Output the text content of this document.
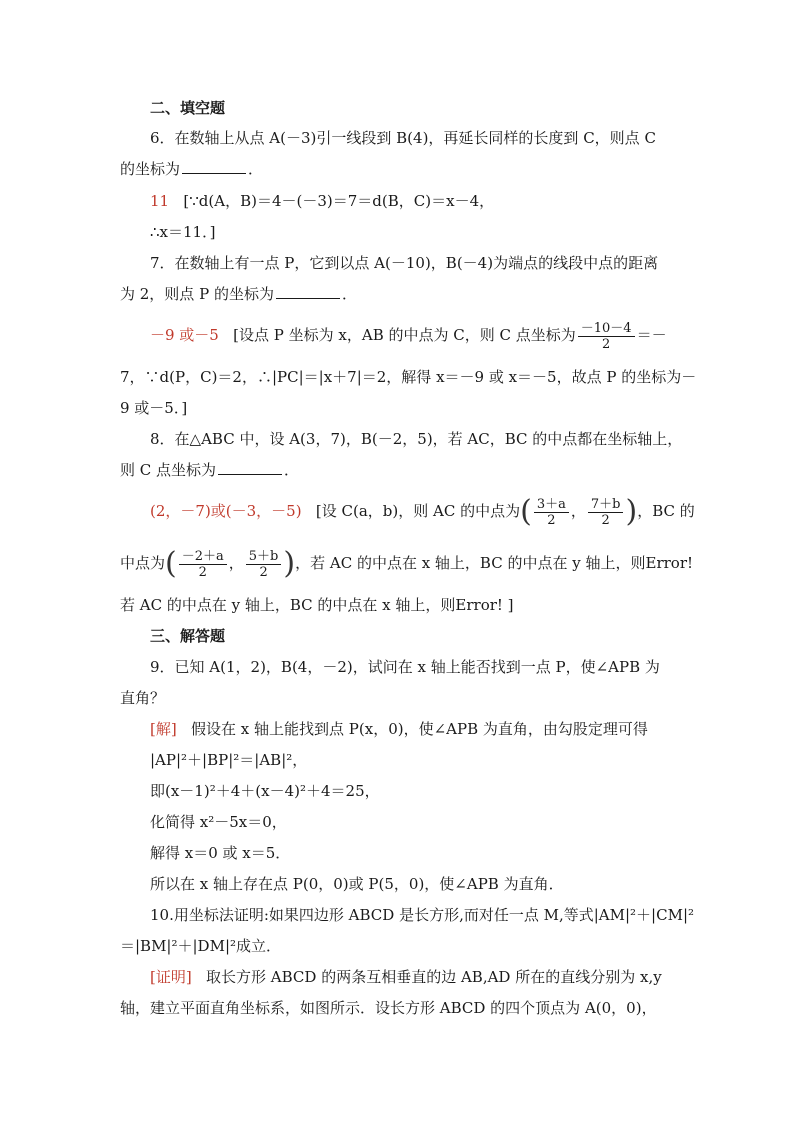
二、填空题
6．在数轴上从点 A(－3)引一线段到 B(4)，再延长同样的长度到 C，则点 C
的坐标为	．
11 [∵d(A，B)＝4－(－3)＝7＝d(B，C)＝x－4，
∴x＝11．]
7．在数轴上有一点 P，它到以点 A(－10)，B(－4)为端点的线段中点的距离
为 2，则点 P 的坐标为	．
－9 或－5 [设点 P 坐标为 x，AB 的中点为 C，则 C 点坐标为 $\frac{-10-4}{2}$ ＝－
7，∵d(P，C)＝2，∴|PC|＝|x＋7|＝2，解得 x＝－9 或 x＝－5，故点 P 的坐标为－
9 或－5．]
8．在△ABC 中，设 A(3，7)，B(－2，5)，若 AC，BC 的中点都在坐标轴上，
则 C 点坐标为	．
(2，－7)或(－3，－5) [设 C(a，b)，则 AC 的中点为( $\frac{3+a}{2}$ ， $\frac{7+b}{2}$ )，BC 的
中点为( $\frac{-2+a}{2}$ ， $\frac{5+b}{2}$ )，若 AC 的中点在 x 轴上，BC 的中点在 y 轴上，则Error!
若 AC 的中点在 y 轴上，BC 的中点在 x 轴上，则Error! ]
三、解答题
9．已知 A(1，2)，B(4，－2)，试问在 x 轴上能否找到一点 P，使∠APB 为
直角？
[解] 假设在 x 轴上能找到点 P(x，0)，使∠APB 为直角，由勾股定理可得
|AP|²＋|BP|²＝|AB|²，
即(x－1)²＋4＋(x－4)²＋4＝25，
化简得 x²－5x＝0，
解得 x＝0 或 x＝5．
所以在 x 轴上存在点 P(0，0)或 P(5，0)，使∠APB 为直角．
10.用坐标法证明:如果四边形 ABCD 是长方形,而对任一点 M,等式|AM|²＋|CM|²
＝|BM|²＋|DM|²成立．
[证明] 取长方形 ABCD 的两条互相垂直的边 AB,AD 所在的直线分别为 x,y
轴，建立平面直角坐标系，如图所示．设长方形 ABCD 的四个顶点为 A(0，0)，
